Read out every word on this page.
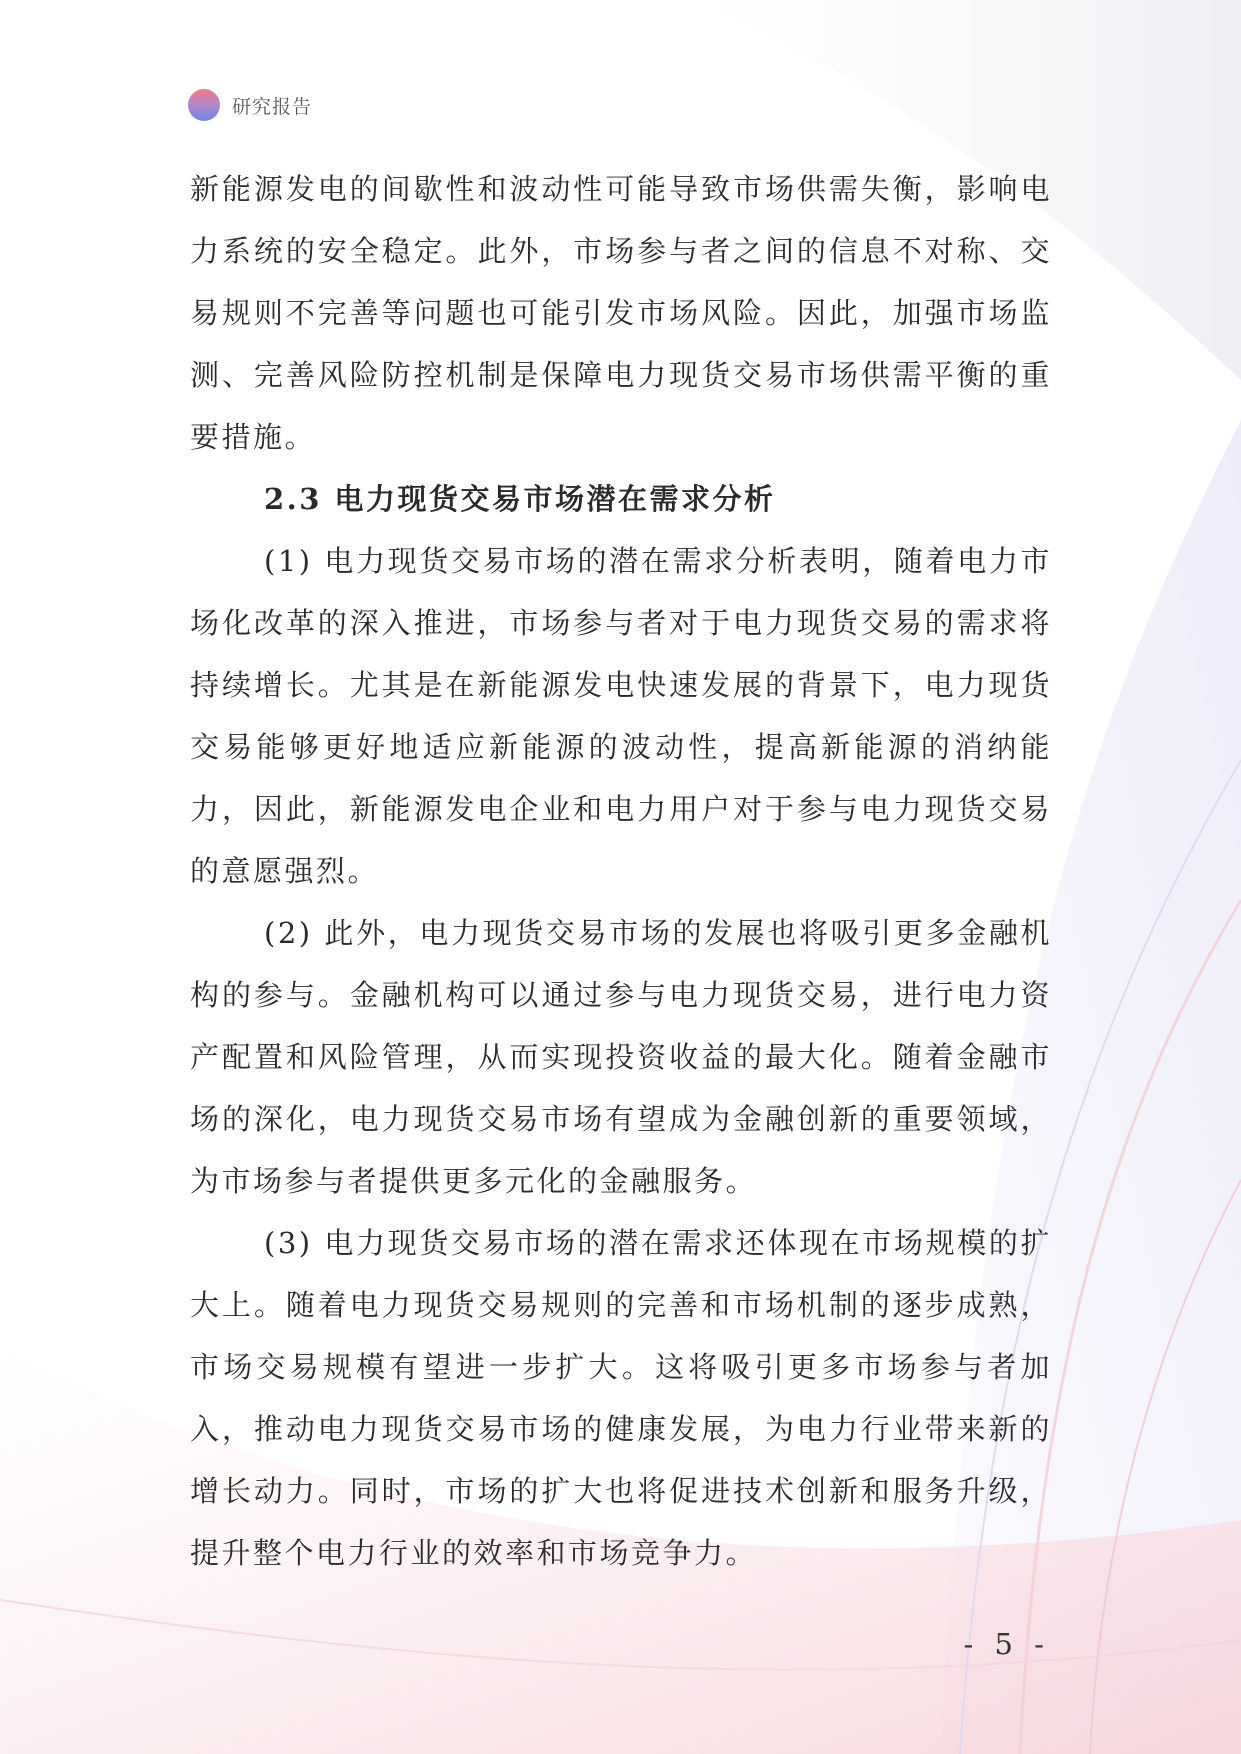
研究报告

新能源发电的间歇性和波动性可能导致市场供需失衡，影响电力系统的安全稳定。此外，市场参与者之间的信息不对称、交易规则不完善等问题也可能引发市场风险。因此，加强市场监测、完善风险防控机制是保障电力现货交易市场供需平衡的重要措施。

2.3 电力现货交易市场潜在需求分析

(1) 电力现货交易市场的潜在需求分析表明，随着电力市场化改革的深入推进，市场参与者对于电力现货交易的需求将持续增长。尤其是在新能源发电快速发展的背景下，电力现货交易能够更好地适应新能源的波动性，提高新能源的消纳能力，因此，新能源发电企业和电力用户对于参与电力现货交易的意愿强烈。

(2) 此外，电力现货交易市场的发展也将吸引更多金融机构的参与。金融机构可以通过参与电力现货交易，进行电力资产配置和风险管理，从而实现投资收益的最大化。随着金融市场的深化，电力现货交易市场有望成为金融创新的重要领域，为市场参与者提供更多元化的金融服务。

(3) 电力现货交易市场的潜在需求还体现在市场规模的扩大上。随着电力现货交易规则的完善和市场机制的逐步成熟，市场交易规模有望进一步扩大。这将吸引更多市场参与者加入，推动电力现货交易市场的健康发展，为电力行业带来新的增长动力。同时，市场的扩大也将促进技术创新和服务升级，提升整个电力行业的效率和市场竞争力。

- 5 -
